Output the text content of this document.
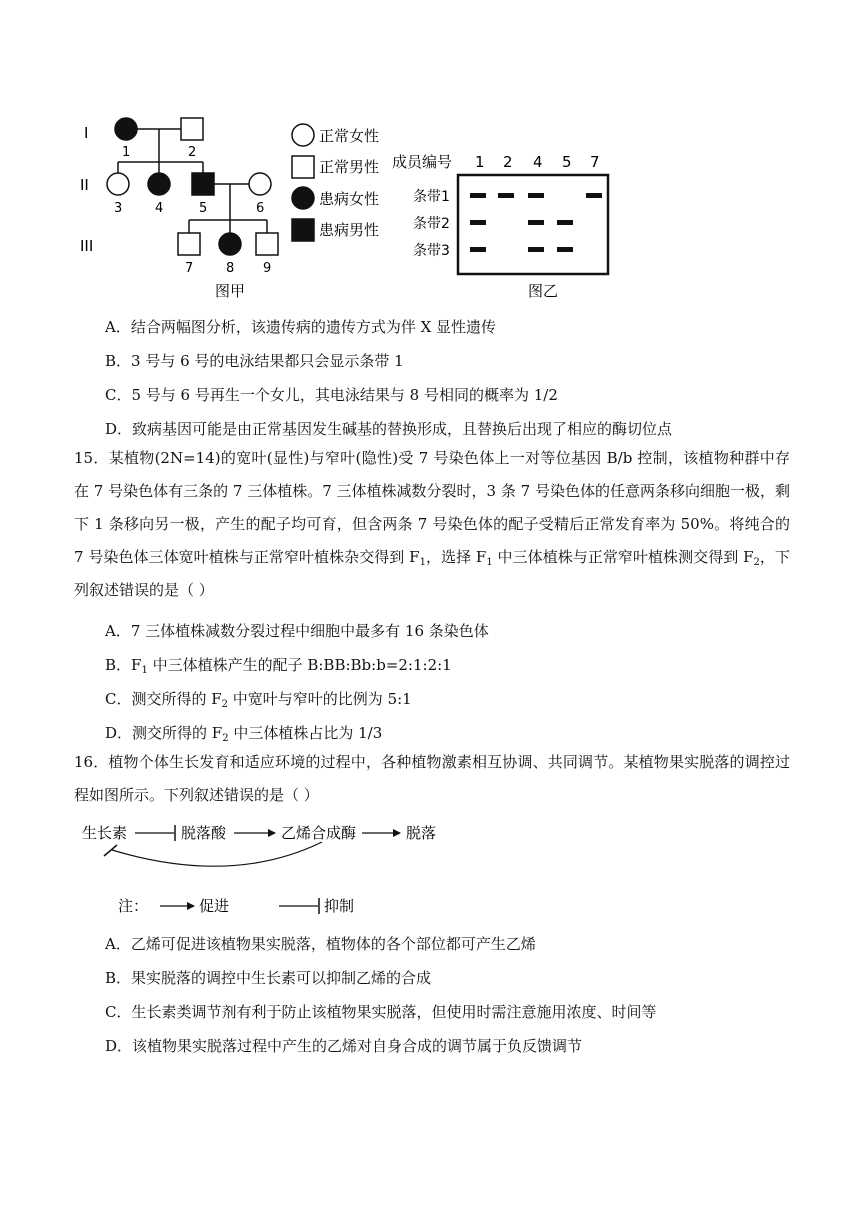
I
II
III
1	2
3	4	5	6
7	8 9
正常女性
正常男性
患病女性
患病男性
图甲
成员编号 1 2 4 5 7
条带1
条带2
条带3
图乙
A．结合两幅图分析，该遗传病的遗传方式为伴 X 显性遗传
B．3 号与 6 号的电泳结果都只会显示条带 1
C．5 号与 6 号再生一个女儿，其电泳结果与 8 号相同的概率为 1/2
D．致病基因可能是由正常基因发生碱基的替换形成，且替换后出现了相应的酶切位点
15．某植物(2N=14)的宽叶(显性)与窄叶(隐性)受 7 号染色体上一对等位基因 B/b 控制，该植物种群中存在 7 号染色体有三条的 7 三体植株。7 三体植株减数分裂时，3 条 7 号染色体的任意两条移向细胞一极，剩下 1 条移向另一极，产生的配子均可育，但含两条 7 号染色体的配子受精后正常发育率为 50%。将纯合的 7 号染色体三体宽叶植株与正常窄叶植株杂交得到 $F_1$，选择 $F_1$ 中三体植株与正常窄叶植株测交得到 $F_2$，下列叙述错误的是（ ）
A．7 三体植株减数分裂过程中细胞中最多有 16 条染色体
B．$F_1$ 中三体植株产生的配子 B:BB:Bb:b=2:1:2:1
C．测交所得的 $F_2$ 中宽叶与窄叶的比例为 5:1
D．测交所得的 $F_2$ 中三体植株占比为 1/3
16．植物个体生长发育和适应环境的过程中，各种植物激素相互协调、共同调节。某植物果实脱落的调控过程如图所示。下列叙述错误的是（ ）
生长素	脱落酸	乙烯合成酶	脱落
注：	促进	抑制
A．乙烯可促进该植物果实脱落，植物体的各个部位都可产生乙烯
B．果实脱落的调控中生长素可以抑制乙烯的合成
C．生长素类调节剂有利于防止该植物果实脱落，但使用时需注意施用浓度、时间等
D．该植物果实脱落过程中产生的乙烯对自身合成的调节属于负反馈调节
